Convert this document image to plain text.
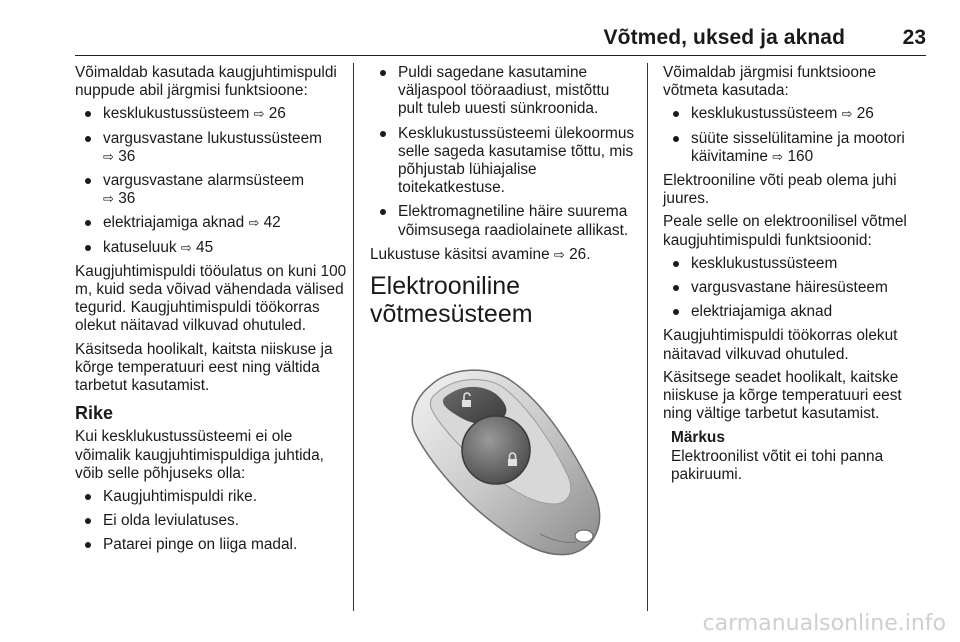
Võtmed, uksed ja aknad	23

Võimaldab kasutada kaugjuhtimispuldi nuppude abil järgmisi funktsioone:

kesklukustussüsteem ⇨ 26
vargusvastane lukustussüsteem
⇨ 36
vargusvastane alarmsüsteem
⇨ 36
elektriajamiga aknad ⇨ 42
katuseluuk ⇨ 45

Kaugjuhtimispuldi tööulatus on kuni 100 m, kuid seda võivad vähendada välised tegurid. Kaugjuhtimispuldi töökorras olekut näitavad vilkuvad ohutuled.

Käsitseda hoolikalt, kaitsta niiskuse ja kõrge temperatuuri eest ning vältida tarbetut kasutamist.

Rike

Kui kesklukustussüsteemi ei ole võimalik kaugjuhtimispuldiga juhtida, võib selle põhjuseks olla:

Kaugjuhtimispuldi rike.
Ei olda leviulatuses.
Patarei pinge on liiga madal.
Puldi sagedane kasutamine väljaspool tööraadiust, mistõttu pult tuleb uuesti sünkroonida.
Kesklukustussüsteemi ülekoormus selle sageda kasutamise tõttu, mis põhjustab lühiajalise toitekatkestuse.
Elektromagnetiline häire suurema võimsusega raadiolainete allikast.

Lukustuse käsitsi avamine ⇨ 26.

Elektrooniline võtmesüsteem

Võimaldab järgmisi funktsioone võtmeta kasutada:

kesklukustussüsteem ⇨ 26
süüte sisselülitamine ja mootori käivitamine ⇨ 160

Elektrooniline võti peab olema juhi juures.

Peale selle on elektroonilisel võtmel kaugjuhtimispuldi funktsioonid:

kesklukustussüsteem
vargusvastane häiresüsteem
elektriajamiga aknad

Kaugjuhtimispuldi töökorras olekut näitavad vilkuvad ohutuled.

Käsitsege seadet hoolikalt, kaitske niiskuse ja kõrge temperatuuri eest ning vältige tarbetut kasutamist.

Märkus
Elektroonilist võtit ei tohi panna pakiruumi.
carmanualsonline.info
